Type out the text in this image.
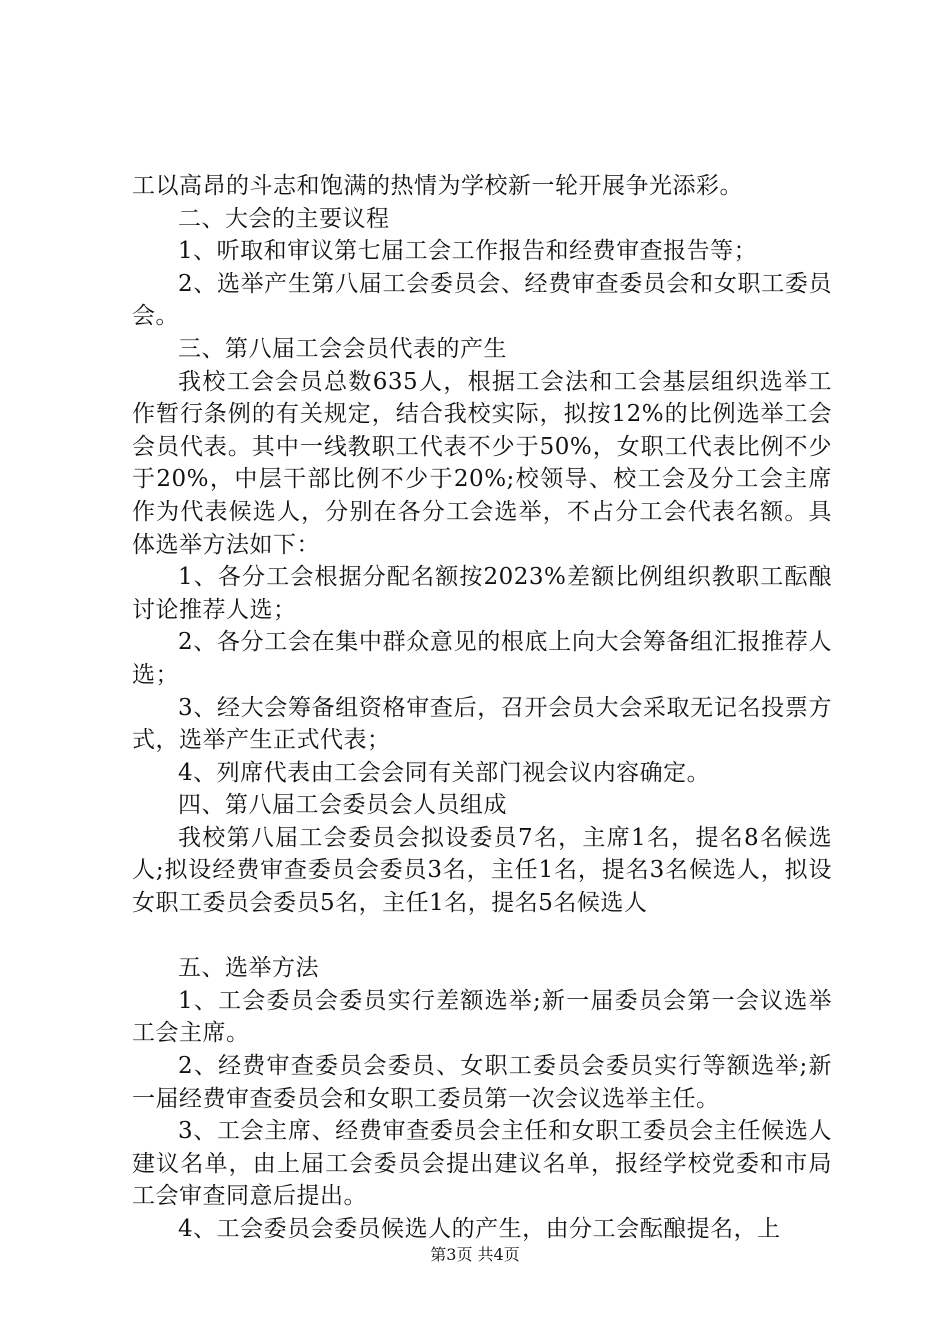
工以高昂的斗志和饱满的热情为学校新一轮开展争光添彩。

二、大会的主要议程

1、听取和审议第七届工会工作报告和经费审查报告等；

2、选举产生第八届工会委员会、经费审查委员会和女职工委员会。

三、第八届工会会员代表的产生

我校工会会员总数635人，根据工会法和工会基层组织选举工作暂行条例的有关规定，结合我校实际，拟按12%的比例选举工会会员代表。其中一线教职工代表不少于50%，女职工代表比例不少于20%，中层干部比例不少于20%;校领导、校工会及分工会主席作为代表候选人，分别在各分工会选举，不占分工会代表名额。具体选举方法如下：

1、各分工会根据分配名额按2023%差额比例组织教职工酝酿讨论推荐人选；

2、各分工会在集中群众意见的根底上向大会筹备组汇报推荐人选；

3、经大会筹备组资格审查后，召开会员大会采取无记名投票方式，选举产生正式代表；

4、列席代表由工会会同有关部门视会议内容确定。

四、第八届工会委员会人员组成

我校第八届工会委员会拟设委员7名，主席1名，提名8名候选人;拟设经费审查委员会委员3名，主任1名，提名3名候选人，拟设女职工委员会委员5名，主任1名，提名5名候选人

五、选举方法

1、工会委员会委员实行差额选举;新一届委员会第一会议选举工会主席。

2、经费审查委员会委员、女职工委员会委员实行等额选举;新一届经费审查委员会和女职工委员第一次会议选举主任。

3、工会主席、经费审查委员会主任和女职工委员会主任候选人建议名单，由上届工会委员会提出建议名单，报经学校党委和市局工会审查同意后提出。

4、工会委员会委员候选人的产生，由分工会酝酿提名，上

第3页 共4页
